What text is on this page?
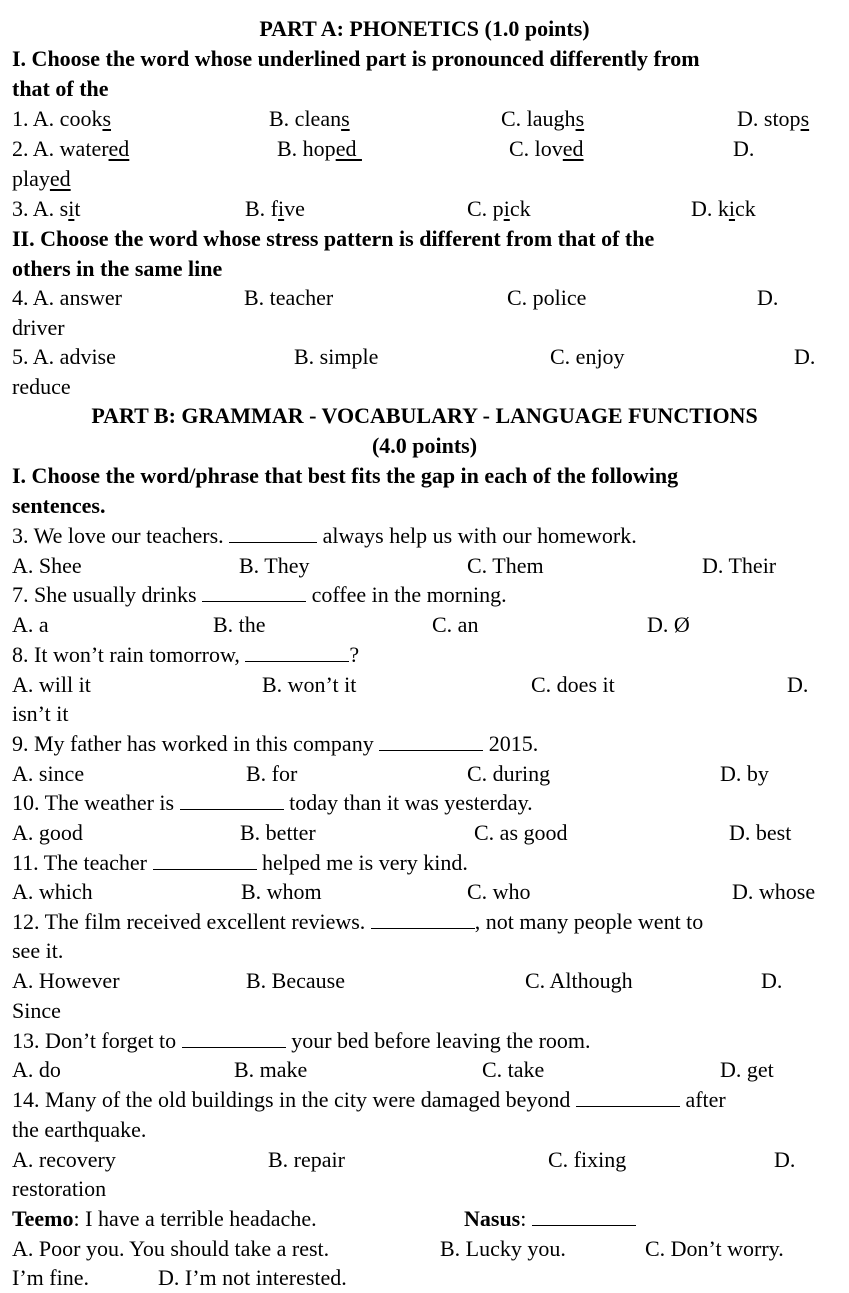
PART A: PHONETICS (1.0 points)
I. Choose the word whose underlined part is pronounced differently from
that of the
1. A. cooks	B. cleans	C. laughs	D. stops
2. A. watered	B. hoped	C. loved	D.
played
3. A. sit	B. five	C. pick	D. kick
II. Choose the word whose stress pattern is different from that of the
others in the same line
4. A. answer	B. teacher	C. police	D.
driver
5. A. advise	B. simple	C. enjoy	D.
reduce
PART B: GRAMMAR - VOCABULARY - LANGUAGE FUNCTIONS
(4.0 points)
I. Choose the word/phrase that best fits the gap in each of the following
sentences.
3. We love our teachers.	always help us with our homework.
A. Shee	B. They	C. Them	D. Their
7. She usually drinks	coffee in the morning.
A. a	B. the	C. an	D. Ø
8. It won’t rain tomorrow,	?
A. will it	B. won’t it	C. does it	D.
isn’t it
9. My father has worked in this company	2015.
A. since	B. for	C. during	D. by
10. The weather is	today than it was yesterday.
A. good	B. better	C. as good	D. best
11. The teacher	helped me is very kind.
A. which	B. whom	C. who	D. whose
12. The film received excellent reviews.	, not many people went to
see it.
A. However	B. Because	C. Although	D.
Since
13. Don’t forget to	your bed before leaving the room.
A. do	B. make	C. take	D. get
14. Many of the old buildings in the city were damaged beyond	after
the earthquake.
A. recovery	B. repair	C. fixing	D.
restoration
Teemo: I have a terrible headache.	Nasus:
A. Poor you. You should take a rest.	B. Lucky you.	C. Don’t worry.
I’m fine.	D. I’m not interested.
